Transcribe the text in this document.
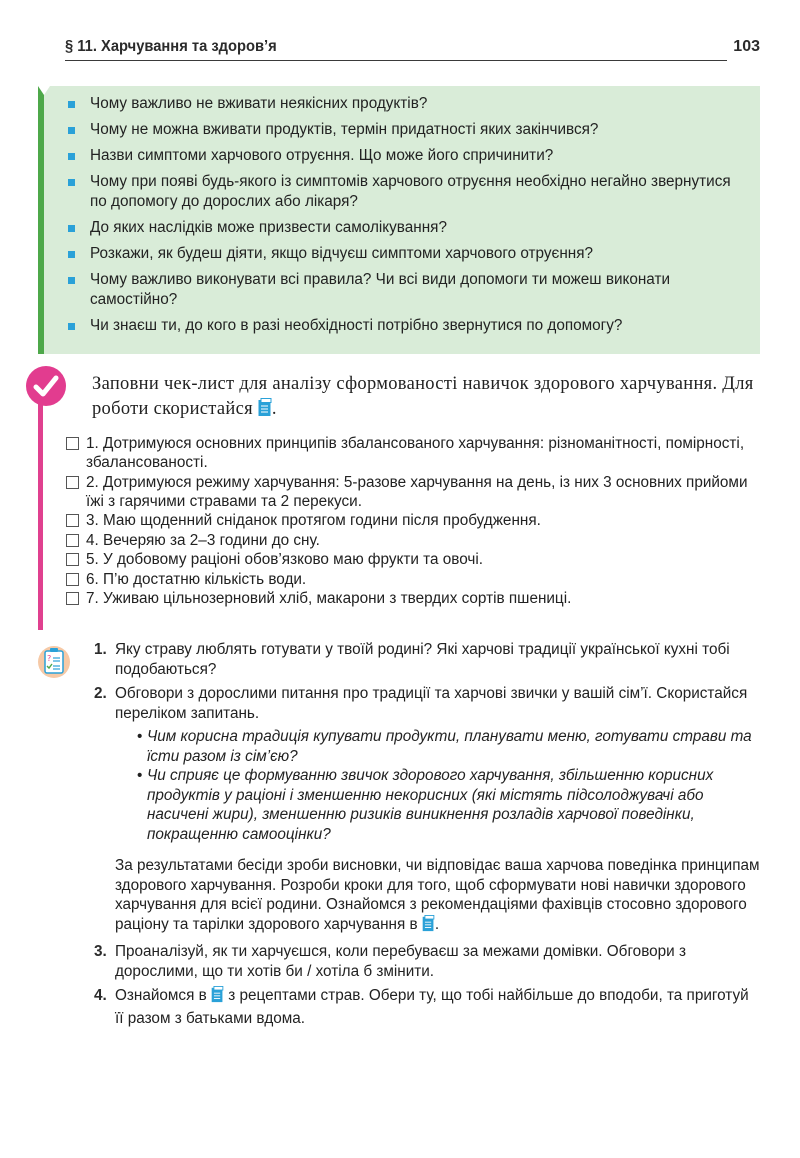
§ 11. Харчування та здоров’я	103
Чому важливо не вживати неякісних продуктів?
Чому не можна вживати продуктів, термін придатності яких закінчився?
Назви симптоми харчового отруєння. Що може його спричинити?
Чому при появі будь-якого із симптомів харчового отруєння необхідно негайно звернутися по допомогу до дорослих або лікаря?
До яких наслідків може призвести самолікування?
Розкажи, як будеш діяти, якщо відчуєш симптоми харчового отруєння?
Чому важливо виконувати всі правила? Чи всі види допомоги ти можеш виконати самостійно?
Чи знаєш ти, до кого в разі необхідності потрібно звернутися по допомогу?
Заповни чек-лист для аналізу сформованості навичок здорового харчування. Для роботи скористайся .
1. Дотримуюся основних принципів збалансованого харчування: різноманітності, помірності, збалансованості.
2. Дотримуюся режиму харчування: 5-разове харчування на день, із них 3 основних прийоми їжі з гарячими стравами та 2 перекуси.
3. Маю щоденний сніданок протягом години після пробудження.
4. Вечеряю за 2–3 години до сну.
5. У добовому раціоні обов’язково маю фрукти та овочі.
6. П’ю достатню кількість води.
7. Уживаю цільнозерновий хліб, макарони з твердих сортів пшениці.
?
1. Яку страву люблять готувати у твоїй родині? Які харчові традиції української кухні тобі подобаються?
2. Обговори з дорослими питання про традиції та харчові звички у вашій сім’ї. Скористайся переліком запитань.
• Чим корисна традиція купувати продукти, планувати меню, готувати страви та їсти разом із сім’єю?
• Чи сприяє це формуванню звичок здорового харчування, збільшенню корисних продуктів у раціоні і зменшенню некорисних (які містять підсолоджувачі або насичені жири), зменшенню ризиків виникнення розладів харчової поведінки, покращенню самооцінки?
За результатами бесіди зроби висновки, чи відповідає ваша харчова поведінка принципам здорового харчування. Розроби кроки для того, щоб сформувати нові навички здорового харчування для всієї родини. Ознайомся з рекомендаціями фахівців стосовно здорового раціону та тарілки здорового харчування в .
3. Проаналізуй, як ти харчуєшся, коли перебуваєш за межами домівки. Обговори з дорослими, що ти хотів би / хотіла б змінити.
4. Ознайомся в з рецептами страв. Обери ту, що тобі найбільше до вподоби, та приготуй її разом з батьками вдома.
